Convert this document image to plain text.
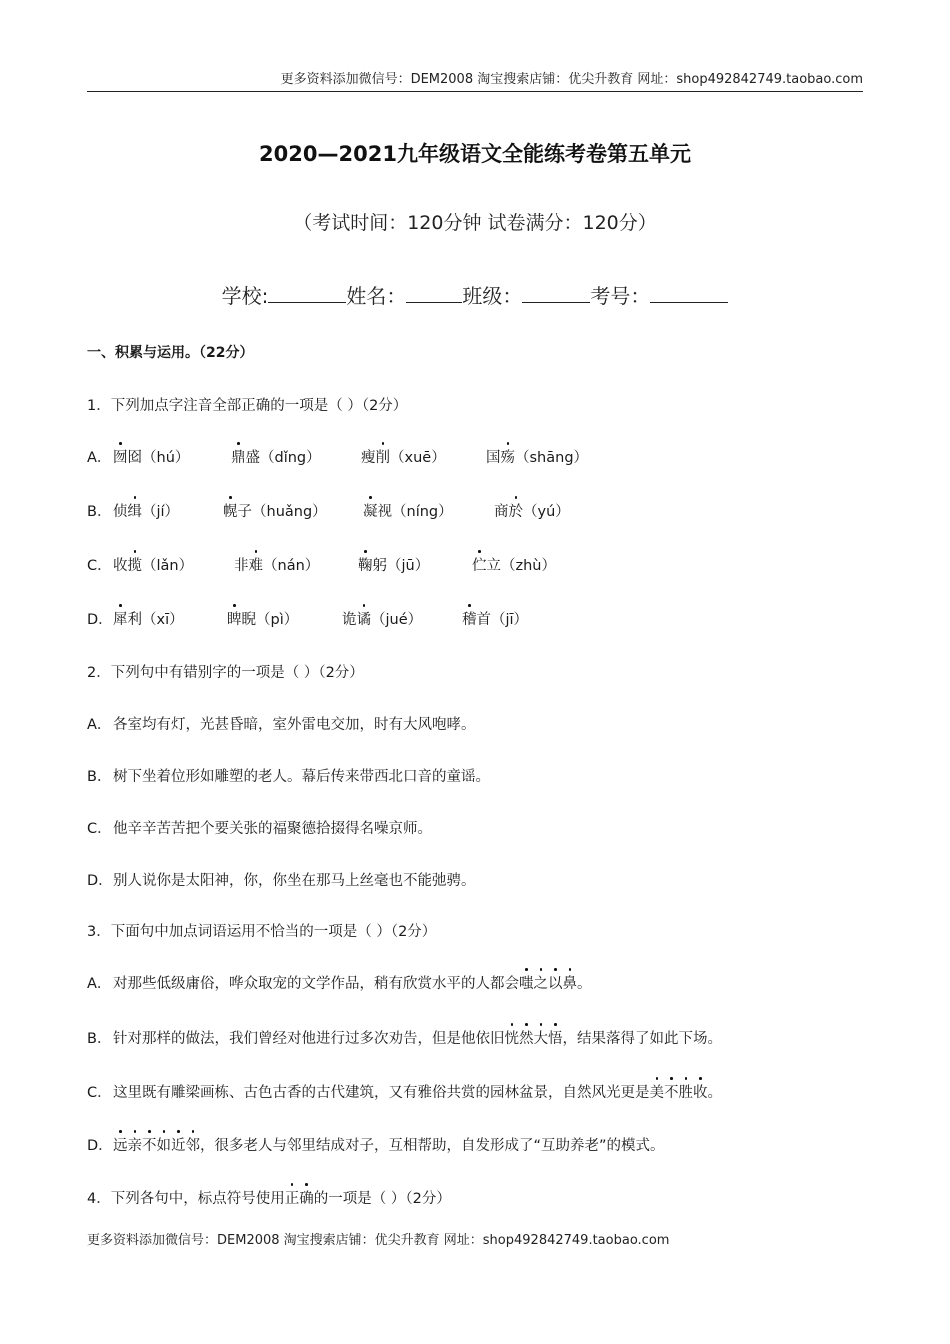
更多资料添加微信号：DEM2008 淘宝搜索店铺：优尖升教育 网址：shop492842749.taobao.com
2020—2021九年级语文全能练考卷第五单元
（考试时间：120分钟 试卷满分：120分）
学校:	姓名：	班级：	考号：
一、积累与运用。（22分）
1．下列加点字注音全部正确的一项是（ ）（2分）
A． 囫囵（hú）	鼎盛（dǐng）	瘦削（xuē）	国殇（shāng）
B． 侦缉（jí）	幌子（huǎng）	凝视（níng）	商於（yú）
C． 收揽（lǎn）	非难（nán）	鞠躬（jū）	伫立（zhù）
D． 犀利（xī）	睥睨（pì）	诡谲（jué）	稽首（jī）
2．下列句中有错别字的一项是（ ）（2分）
A． 各室均有灯，光甚昏暗，室外雷电交加，时有大风咆哮。
B． 树下坐着位形如雕塑的老人。幕后传来带西北口音的童谣。
C．他辛辛苦苦把个要关张的福聚德拾掇得名噪京师。
D．别人说你是太阳神，你，你坐在那马上丝毫也不能弛骋。
3．下面句中加点词语运用不恰当的一项是（ ）（2分）
A． 对那些低级庸俗，哗众取宠的文学作品，稍有欣赏水平的人都会嗤之以鼻。
B． 针对那样的做法，我们曾经对他进行过多次劝告，但是他依旧恍然大悟，结果落得了如此下场。
C．这里既有雕梁画栋、古色古香的古代建筑，又有雅俗共赏的园林盆景，自然风光更是美不胜收。
D．远亲不如近邻，很多老人与邻里结成对子，互相帮助，自发形成了“互助养老”的模式。
4．下列各句中，标点符号使用正确的一项是（ ）（2分）
更多资料添加微信号：DEM2008 淘宝搜索店铺：优尖升教育 网址：shop492842749.taobao.com
